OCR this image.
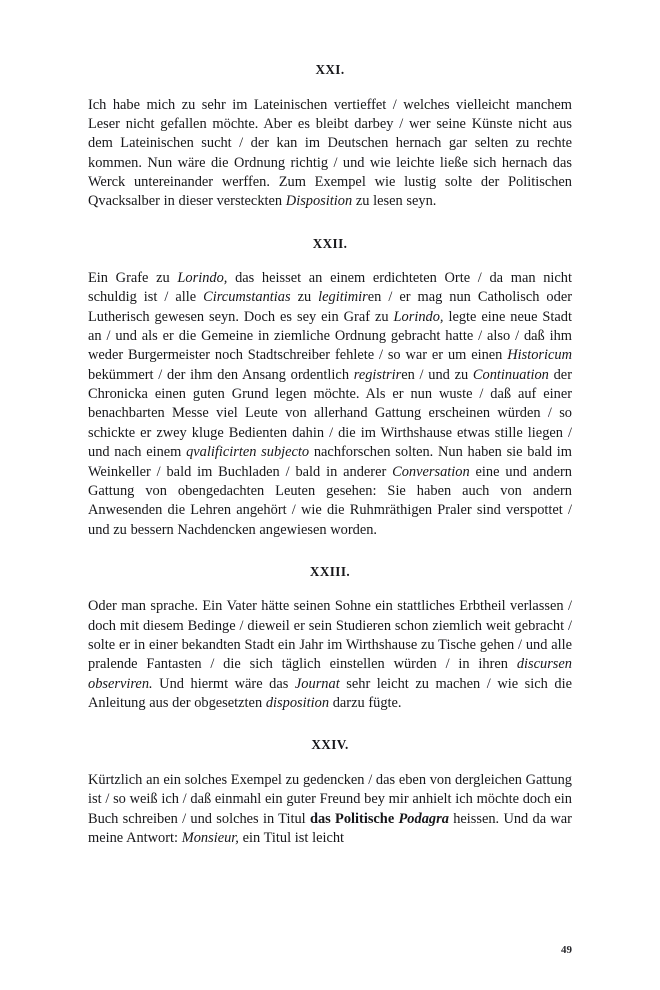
XXI.

Ich habe mich zu sehr im Lateinischen vertieffet / welches vielleicht manchem Leser nicht gefallen möchte. Aber es bleibt darbey / wer seine Künste nicht aus dem Lateinischen sucht / der kan im Deutschen hernach gar selten zu rechte kommen. Nun wäre die Ordnung richtig / und wie leichte ließe sich hernach das Werck untereinander werffen. Zum Exempel wie lustig solte der Politischen Qvacksalber in dieser versteckten Disposition zu lesen seyn.

XXII.

Ein Grafe zu Lorindo, das heisset an einem erdichteten Orte / da man nicht schuldig ist / alle Circumstantias zu legitimiren / er mag nun Catholisch oder Lutherisch gewesen seyn. Doch es sey ein Graf zu Lorindo, legte eine neue Stadt an / und als er die Gemeine in ziemliche Ordnung gebracht hatte / also / daß ihm weder Burgermeister noch Stadtschreiber fehlete / so war er um einen Historicum bekümmert / der ihm den Ansang ordentlich registriren / und zu Continuation der Chronicka einen guten Grund legen möchte. Als er nun wuste / daß auf einer benachbarten Messe viel Leute von allerhand Gattung erscheinen würden / so schickte er zwey kluge Bedienten dahin / die im Wirthshause etwas stille liegen / und nach einem qvalificirten subjecto nachforschen solten. Nun haben sie bald im Weinkeller / bald im Buchladen / bald in anderer Conversation eine und andern Gattung von obengedachten Leuten gesehen: Sie haben auch von andern Anwesenden die Lehren angehört / wie die Ruhmräthigen Praler sind verspottet / und zu bessern Nachdencken angewiesen worden.

XXIII.

Oder man sprache. Ein Vater hätte seinen Sohne ein stattliches Erbtheil verlassen / doch mit diesem Bedinge / dieweil er sein Studieren schon ziemlich weit gebracht / solte er in einer bekandten Stadt ein Jahr im Wirthshause zu Tische gehen / und alle pralende Fantasten / die sich täglich einstellen würden / in ihren discursen observiren. Und hiermt wäre das Journat sehr leicht zu machen / wie sich die Anleitung aus der obgesetzten disposition darzu fügte.

XXIV.

Kürtzlich an ein solches Exempel zu gedencken / das eben von dergleichen Gattung ist / so weiß ich / daß einmahl ein guter Freund bey mir anhielt ich möchte doch ein Buch schreiben / und solches in Titul das Politische Podagra heissen. Und da war meine Antwort: Monsieur, ein Titul ist leicht

49
